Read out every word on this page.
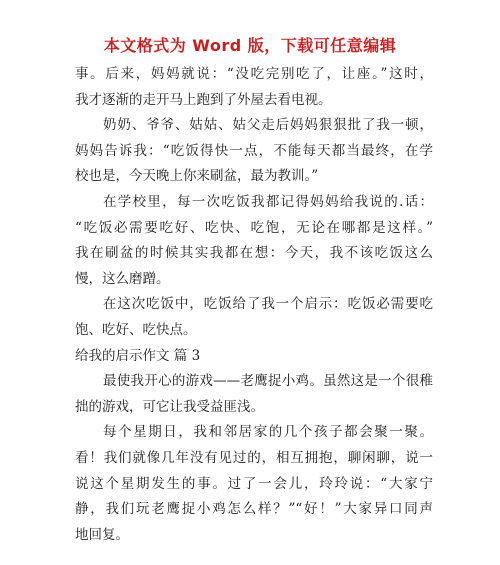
本文格式为 Word 版，下载可任意编辑
事。后来，妈妈就说：“没吃完别吃了，让座。”这时，
我才逐渐的走开马上跑到了外屋去看电视。
奶奶、爷爷、姑姑、姑父走后妈妈狠狠批了我一顿，
妈妈告诉我：“吃饭得快一点，不能每天都当最终，在学
校也是，今天晚上你来刷盆，最为教训。”
在学校里，每一次吃饭我都记得妈妈给我说的.话：
“吃饭必需要吃好、吃快、吃饱，无论在哪都是这样。”
我在刷盆的时候其实我都在想：今天，我不该吃饭这么
慢，这么磨蹭。
在这次吃饭中，吃饭给了我一个启示：吃饭必需要吃
饱、吃好、吃快点。
给我的启示作文 篇 3
最使我开心的游戏——老鹰捉小鸡。虽然这是一个很稚
拙的游戏，可它让我受益匪浅。
每个星期日，我和邻居家的几个孩子都会聚一聚。
看！我们就像几年没有见过的，相互拥抱，聊闲聊，说一
说这个星期发生的事。过了一会儿，玲玲说：“大家宁
静，我们玩老鹰捉小鸡怎么样？”“好！”大家异口同声
地回复。
